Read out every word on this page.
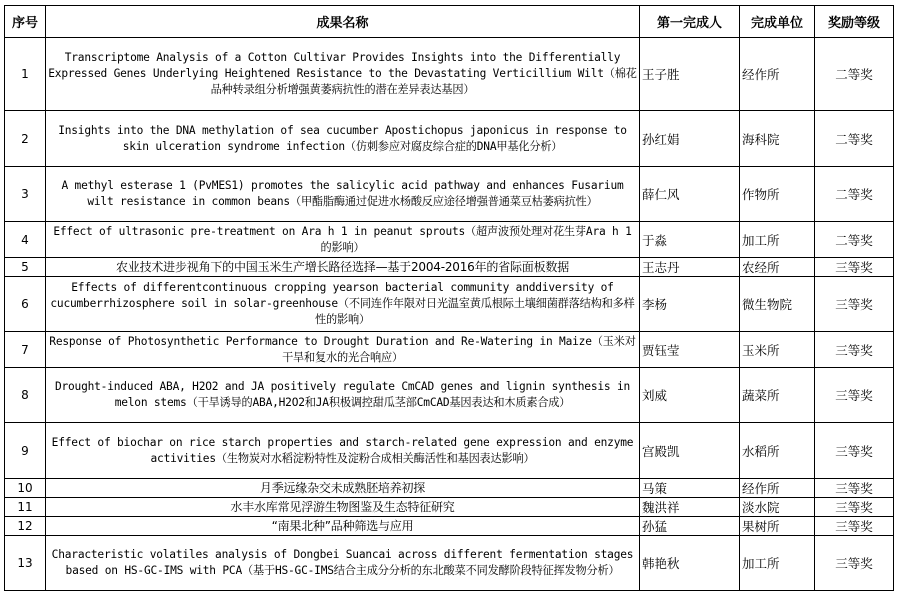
序号	成果名称	第一完成人	完成单位	奖励等级
1	Transcriptome Analysis of a Cotton Cultivar Provides Insights into the Differentially Expressed Genes Underlying Heightened Resistance to the Devastating Verticillium Wilt（棉花品种转录组分析增强黄萎病抗性的潜在差异表达基因）	王子胜	经作所	二等奖
2	Insights into the DNA methylation of sea cucumber Apostichopus japonicus in response to skin ulceration syndrome infection（仿刺参应对腐皮综合症的DNA甲基化分析）	孙红娟	海科院	二等奖
3	A methyl esterase 1 (PvMES1) promotes the salicylic acid pathway and enhances Fusarium wilt resistance in common beans（甲酯脂酶通过促进水杨酸反应途径增强普通菜豆枯萎病抗性）	薛仁风	作物所	二等奖
4	Effect of ultrasonic pre-treatment on Ara h 1 in peanut sprouts（超声波预处理对花生芽Ara h 1的影响）	于淼	加工所	二等奖
5	农业技术进步视角下的中国玉米生产增长路径选择—基于2004-2016年的省际面板数据	王志丹	农经所	三等奖
6	Effects of differentcontinuous cropping yearson bacterial community anddiversity of cucumberrhizosphere soil in solar-greenhouse（不同连作年限对日光温室黄瓜根际土壤细菌群落结构和多样性的影响）	李杨	微生物院	三等奖
7	Response of Photosynthetic Performance to Drought Duration and Re-Watering in Maize（玉米对干旱和复水的光合响应）	贾钰莹	玉米所	三等奖
8	Drought-induced ABA, H2O2 and JA positively regulate CmCAD genes and lignin synthesis in melon stems（干旱诱导的ABA,H2O2和JA积极调控甜瓜茎部CmCAD基因表达和木质素合成）	刘威	蔬菜所	三等奖
9	Effect of biochar on rice starch properties and starch-related gene expression and enzyme activities（生物炭对水稻淀粉特性及淀粉合成相关酶活性和基因表达影响）	宫殿凯	水稻所	三等奖
10	月季远缘杂交未成熟胚培养初探	马策	经作所	三等奖
11	水丰水库常见浮游生物图鉴及生态特征研究	魏洪祥	淡水院	三等奖
12	“南果北种”品种筛选与应用	孙猛	果树所	三等奖
13	Characteristic volatiles analysis of Dongbei Suancai across different fermentation stages based on HS-GC-IMS with PCA（基于HS-GC-IMS结合主成分分析的东北酸菜不同发酵阶段特征挥发物分析）	韩艳秋	加工所	三等奖
